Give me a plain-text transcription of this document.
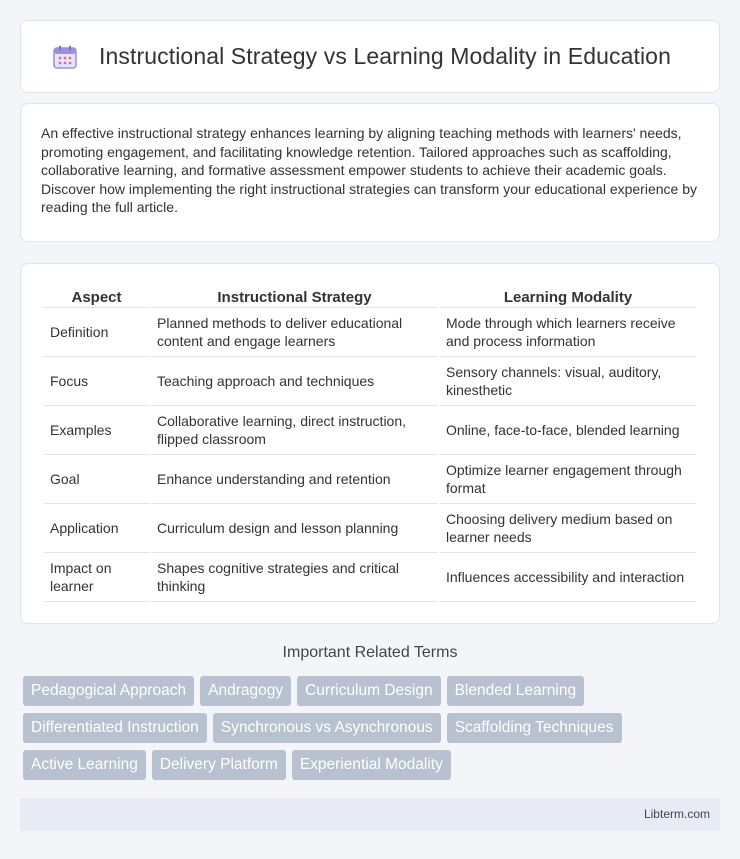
Instructional Strategy vs Learning Modality in Education

An effective instructional strategy enhances learning by aligning teaching methods with learners' needs, promoting engagement, and facilitating knowledge retention. Tailored approaches such as scaffolding, collaborative learning, and formative assessment empower students to achieve their academic goals. Discover how implementing the right instructional strategies can transform your educational experience by reading the full article.

Aspect	Instructional Strategy	Learning Modality
Definition	Planned methods to deliver educational content and engage learners	Mode through which learners receive and process information
Focus	Teaching approach and techniques	Sensory channels: visual, auditory, kinesthetic
Examples	Collaborative learning, direct instruction, flipped classroom	Online, face-to-face, blended learning
Goal	Enhance understanding and retention	Optimize learner engagement through format
Application	Curriculum design and lesson planning	Choosing delivery medium based on learner needs
Impact on learner	Shapes cognitive strategies and critical thinking	Influences accessibility and interaction
Important Related Terms
Pedagogical Approach	Andragogy	Curriculum Design	Blended Learning
Differentiated Instruction	Synchronous vs Asynchronous	Scaffolding Techniques
Active Learning	Delivery Platform	Experiential Modality
Libterm.com
